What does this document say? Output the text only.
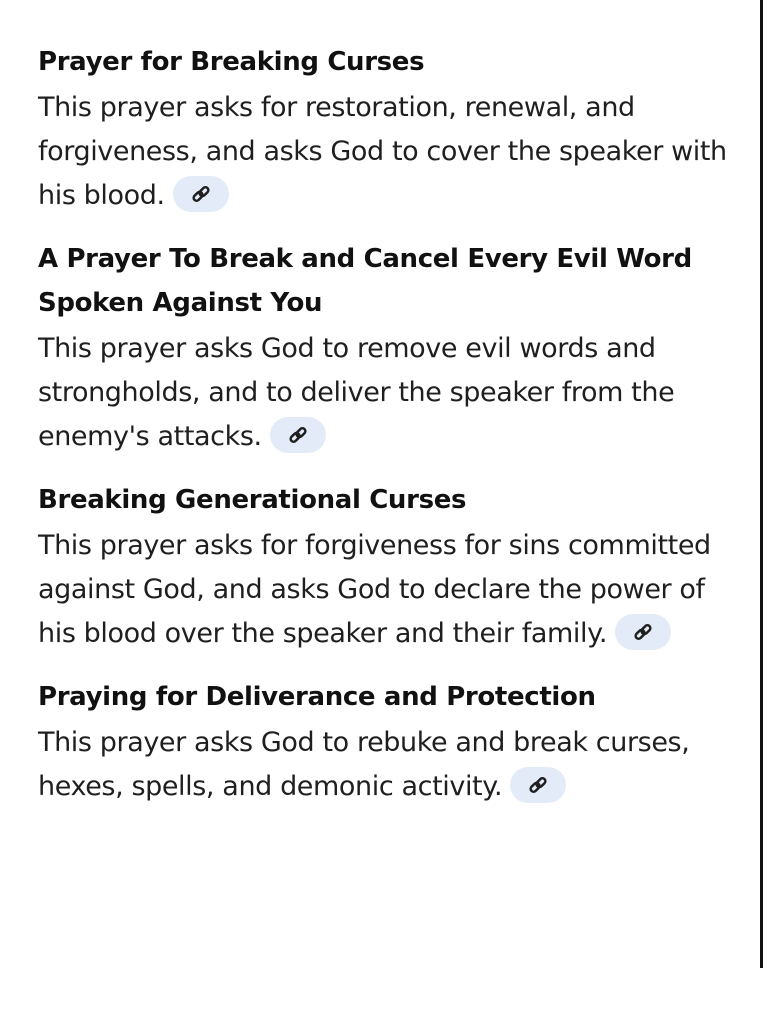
Prayer for Breaking Curses
This prayer asks for restoration, renewal, and forgiveness, and asks God to cover the speaker with his blood.
A Prayer To Break and Cancel Every Evil Word Spoken Against You
This prayer asks God to remove evil words and strongholds, and to deliver the speaker from the enemy's attacks.
Breaking Generational Curses
This prayer asks for forgiveness for sins committed against God, and asks God to declare the power of his blood over the speaker and their family.
Praying for Deliverance and Protection
This prayer asks God to rebuke and break curses, hexes, spells, and demonic activity.
